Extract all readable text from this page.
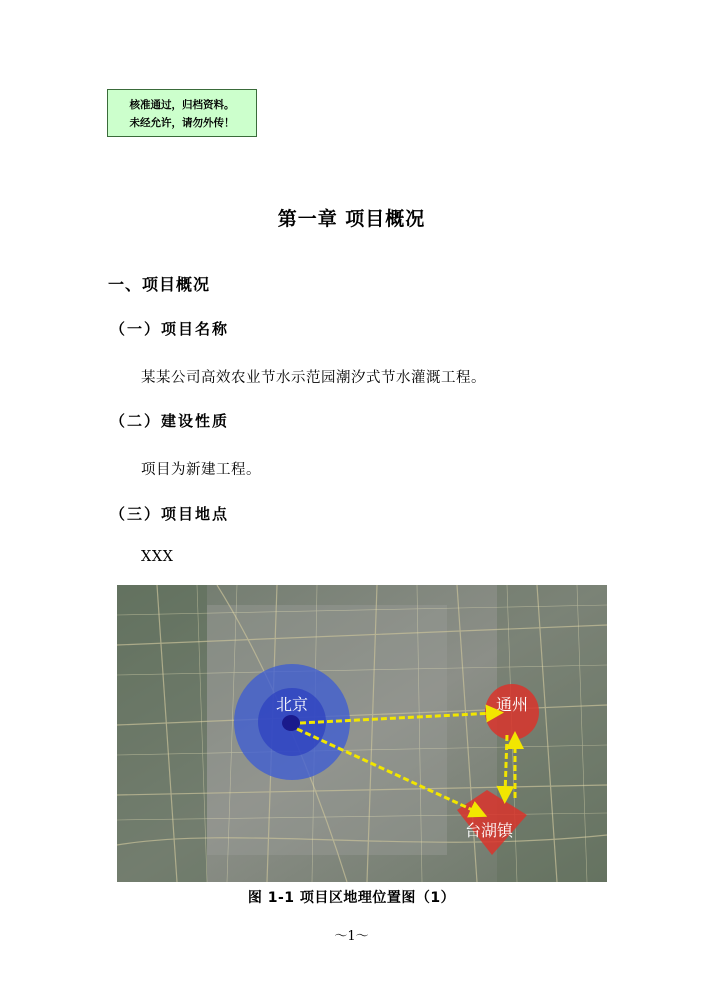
核准通过，归档资料。
未经允许，请勿外传！
第一章 项目概况
一、项目概况
（一）项目名称
某某公司高效农业节水示范园潮汐式节水灌溉工程。
（二）建设性质
项目为新建工程。
（三）项目地点
XXX
北京	通州
台湖镇
图 1-1 项目区地理位置图（1）
～1～
